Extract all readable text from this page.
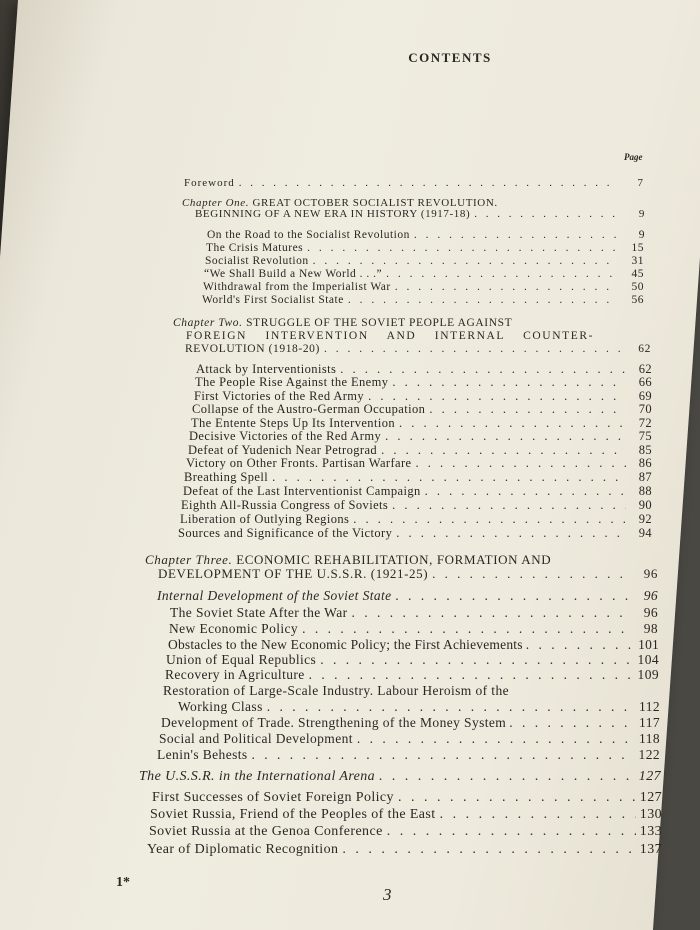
CONTENTS
Page
Foreword . . .	7
Chapter One. GREAT OCTOBER SOCIALIST REVOLUTION.
BEGINNING OF A NEW ERA IN HISTORY (1917-18) . . .	9
On the Road to the Socialist Revolution . . .	9
The Crisis Matures . . .	15
Socialist Revolution . . .	31
“We Shall Build a New World . . .” . . .	45
Withdrawal from the Imperialist War . . .	50
World's First Socialist State . . .	56
Chapter Two. STRUGGLE OF THE SOVIET PEOPLE AGAINST
FOREIGN INTERVENTION AND INTERNAL COUNTER-
REVOLUTION (1918-20) . . .	62
Attack by Interventionists . . .	62
The People Rise Against the Enemy . . .	66
First Victories of the Red Army . . .	69
Collapse of the Austro-German Occupation . . .	70
The Entente Steps Up Its Intervention . . .	72
Decisive Victories of the Red Army . . .	75
Defeat of Yudenich Near Petrograd . . .	85
Victory on Other Fronts. Partisan Warfare . . .	86
Breathing Spell . . .	87
Defeat of the Last Interventionist Campaign . . .	88
Eighth All-Russia Congress of Soviets . . .	90
Liberation of Outlying Regions . . .	92
Sources and Significance of the Victory . . .	94
Chapter Three. ECONOMIC REHABILITATION, FORMATION AND
DEVELOPMENT OF THE U.S.S.R. (1921-25) . . .	96
Internal Development of the Soviet State . . .	96
The Soviet State After the War . . .	96
New Economic Policy . . .	98
Obstacles to the New Economic Policy; the First Achievements . . .	101
Union of Equal Republics . . .	104
Recovery in Agriculture . . .	109
Restoration of Large-Scale Industry. Labour Heroism of the
Working Class . . .	112
Development of Trade. Strengthening of the Money System . . .	117
Social and Political Development . . .	118
Lenin's Behests . . .	122
The U.S.S.R. in the International Arena . . .	127
First Successes of Soviet Foreign Policy . . .	127
Soviet Russia, Friend of the Peoples of the East . . .	130
Soviet Russia at the Genoa Conference . . .	133
Year of Diplomatic Recognition . . .	137
1*
3
